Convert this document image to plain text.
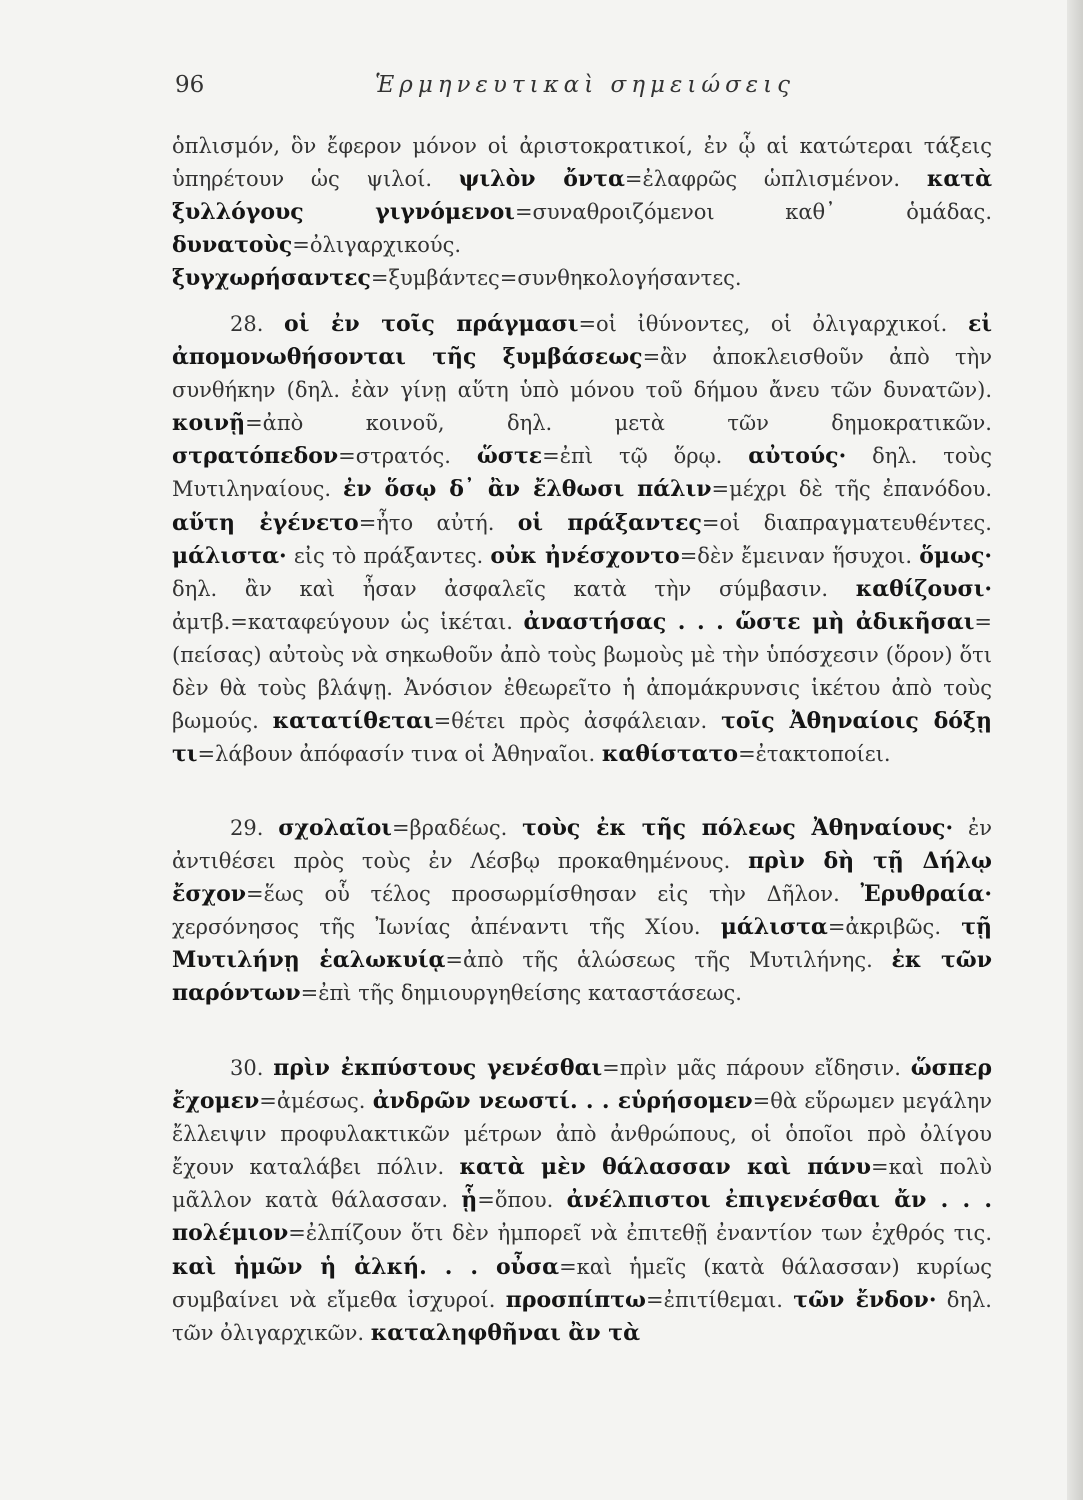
96	Ἑρμηνευτικαὶ σημειώσεις
ὁπλισμόν, ὃν ἔφερον μόνον οἱ ἀριστοκρατικοί, ἐν ᾧ αἱ κατώτεραι τάξεις ὑπηρέτουν ὡς ψιλοί. ψιλὸν ὄντα=ἐλαφρῶς ὡπλισμένον. κατὰ ξυλλόγους γιγνόμενοι=συναθροιζόμενοι καθ᾽ ὁμάδας. δυνατοὺς=ὀλιγαρχικούς. ξυγχωρήσαντες=ξυμβάντες=συνθηκολογήσαντες.
28. οἱ ἐν τοῖς πράγμασι=οἱ ἰθύνοντες, οἱ ὀλιγαρχικοί. εἰ ἀπομονωθήσονται τῆς ξυμβάσεως=ἂν ἀποκλεισθοῦν ἀπὸ τὴν συνθήκην (δηλ. ἐὰν γίνῃ αὕτη ὑπὸ μόνου τοῦ δήμου ἄνευ τῶν δυνατῶν). κοινῇ=ἀπὸ κοινοῦ, δηλ. μετὰ τῶν δημοκρατικῶν. στρατόπεδον=στρατός. ὥστε=ἐπὶ τῷ ὅρῳ. αὐτούς· δηλ. τοὺς Μυτιληναίους. ἐν ὅσῳ δ᾽ ἂν ἔλθωσι πάλιν=μέχρι δὲ τῆς ἐπανόδου. αὕτη ἐγένετο=ἦτο αὐτή. οἱ πράξαντες=οἱ διαπραγματευθέντες. μάλιστα· εἰς τὸ πράξαντες. οὐκ ἠνέσχοντο=δὲν ἔμειναν ἥσυχοι. ὅμως· δηλ. ἂν καὶ ἦσαν ἀσφαλεῖς κατὰ τὴν σύμβασιν. καθίζουσι· ἀμτβ.=καταφεύγουν ὡς ἱκέται. ἀναστήσας . . . ὥστε μὴ ἀδικῆσαι=(πείσας) αὐτοὺς νὰ σηκωθοῦν ἀπὸ τοὺς βωμοὺς μὲ τὴν ὑπόσχεσιν (ὅρον) ὅτι δὲν θὰ τοὺς βλάψῃ. Ἀνόσιον ἐθεωρεῖτο ἡ ἀπομάκρυνσις ἱκέτου ἀπὸ τοὺς βωμούς. κατατίθεται=θέτει πρὸς ἀσφάλειαν. τοῖς Ἀθηναίοις δόξῃ τι=λάβουν ἀπόφασίν τινα οἱ Ἀθηναῖοι. καθίστατο=ἐτακτοποίει.
29. σχολαῖοι=βραδέως. τοὺς ἐκ τῆς πόλεως Ἀθηναίους· ἐν ἀντιθέσει πρὸς τοὺς ἐν Λέσβῳ προκαθημένους. πρὶν δὴ τῇ Δήλῳ ἔσχον=ἕως οὗ τέλος προσωρμίσθησαν εἰς τὴν Δῆλον. Ἐρυθραία· χερσόνησος τῆς Ἰωνίας ἀπέναντι τῆς Χίου. μάλιστα=ἀκριβῶς. τῇ Μυτιλήνῃ ἑαλωκυίᾳ=ἀπὸ τῆς ἁλώσεως τῆς Μυτιλήνης. ἐκ τῶν παρόντων=ἐπὶ τῆς δημιουργηθείσης καταστάσεως.
30. πρὶν ἐκπύστους γενέσθαι=πρὶν μᾶς πάρουν εἴδησιν. ὥσπερ ἔχομεν=ἀμέσως. ἀνδρῶν νεωστί. . . εὑρήσομεν=θὰ εὕρωμεν μεγάλην ἔλλειψιν προφυλακτικῶν μέτρων ἀπὸ ἀνθρώπους, οἱ ὁποῖοι πρὸ ὀλίγου ἔχουν καταλάβει πόλιν. κατὰ μὲν θάλασσαν καὶ πάνυ=καὶ πολὺ μᾶλλον κατὰ θάλασσαν. ᾗ=ὅπου. ἀνέλπιστοι ἐπιγενέσθαι ἄν . . . πολέμιον=ἐλπίζουν ὅτι δὲν ἠμπορεῖ νὰ ἐπιτεθῇ ἐναντίον των ἐχθρός τις. καὶ ἡμῶν ἡ ἀλκή. . . οὖσα=καὶ ἡμεῖς (κατὰ θάλασσαν) κυρίως συμβαίνει νὰ εἴμεθα ἰσχυροί. προσπίπτω=ἐπιτίθεμαι. τῶν ἔνδον· δηλ. τῶν ὀλιγαρχικῶν. καταληφθῆναι ἂν τὰ
